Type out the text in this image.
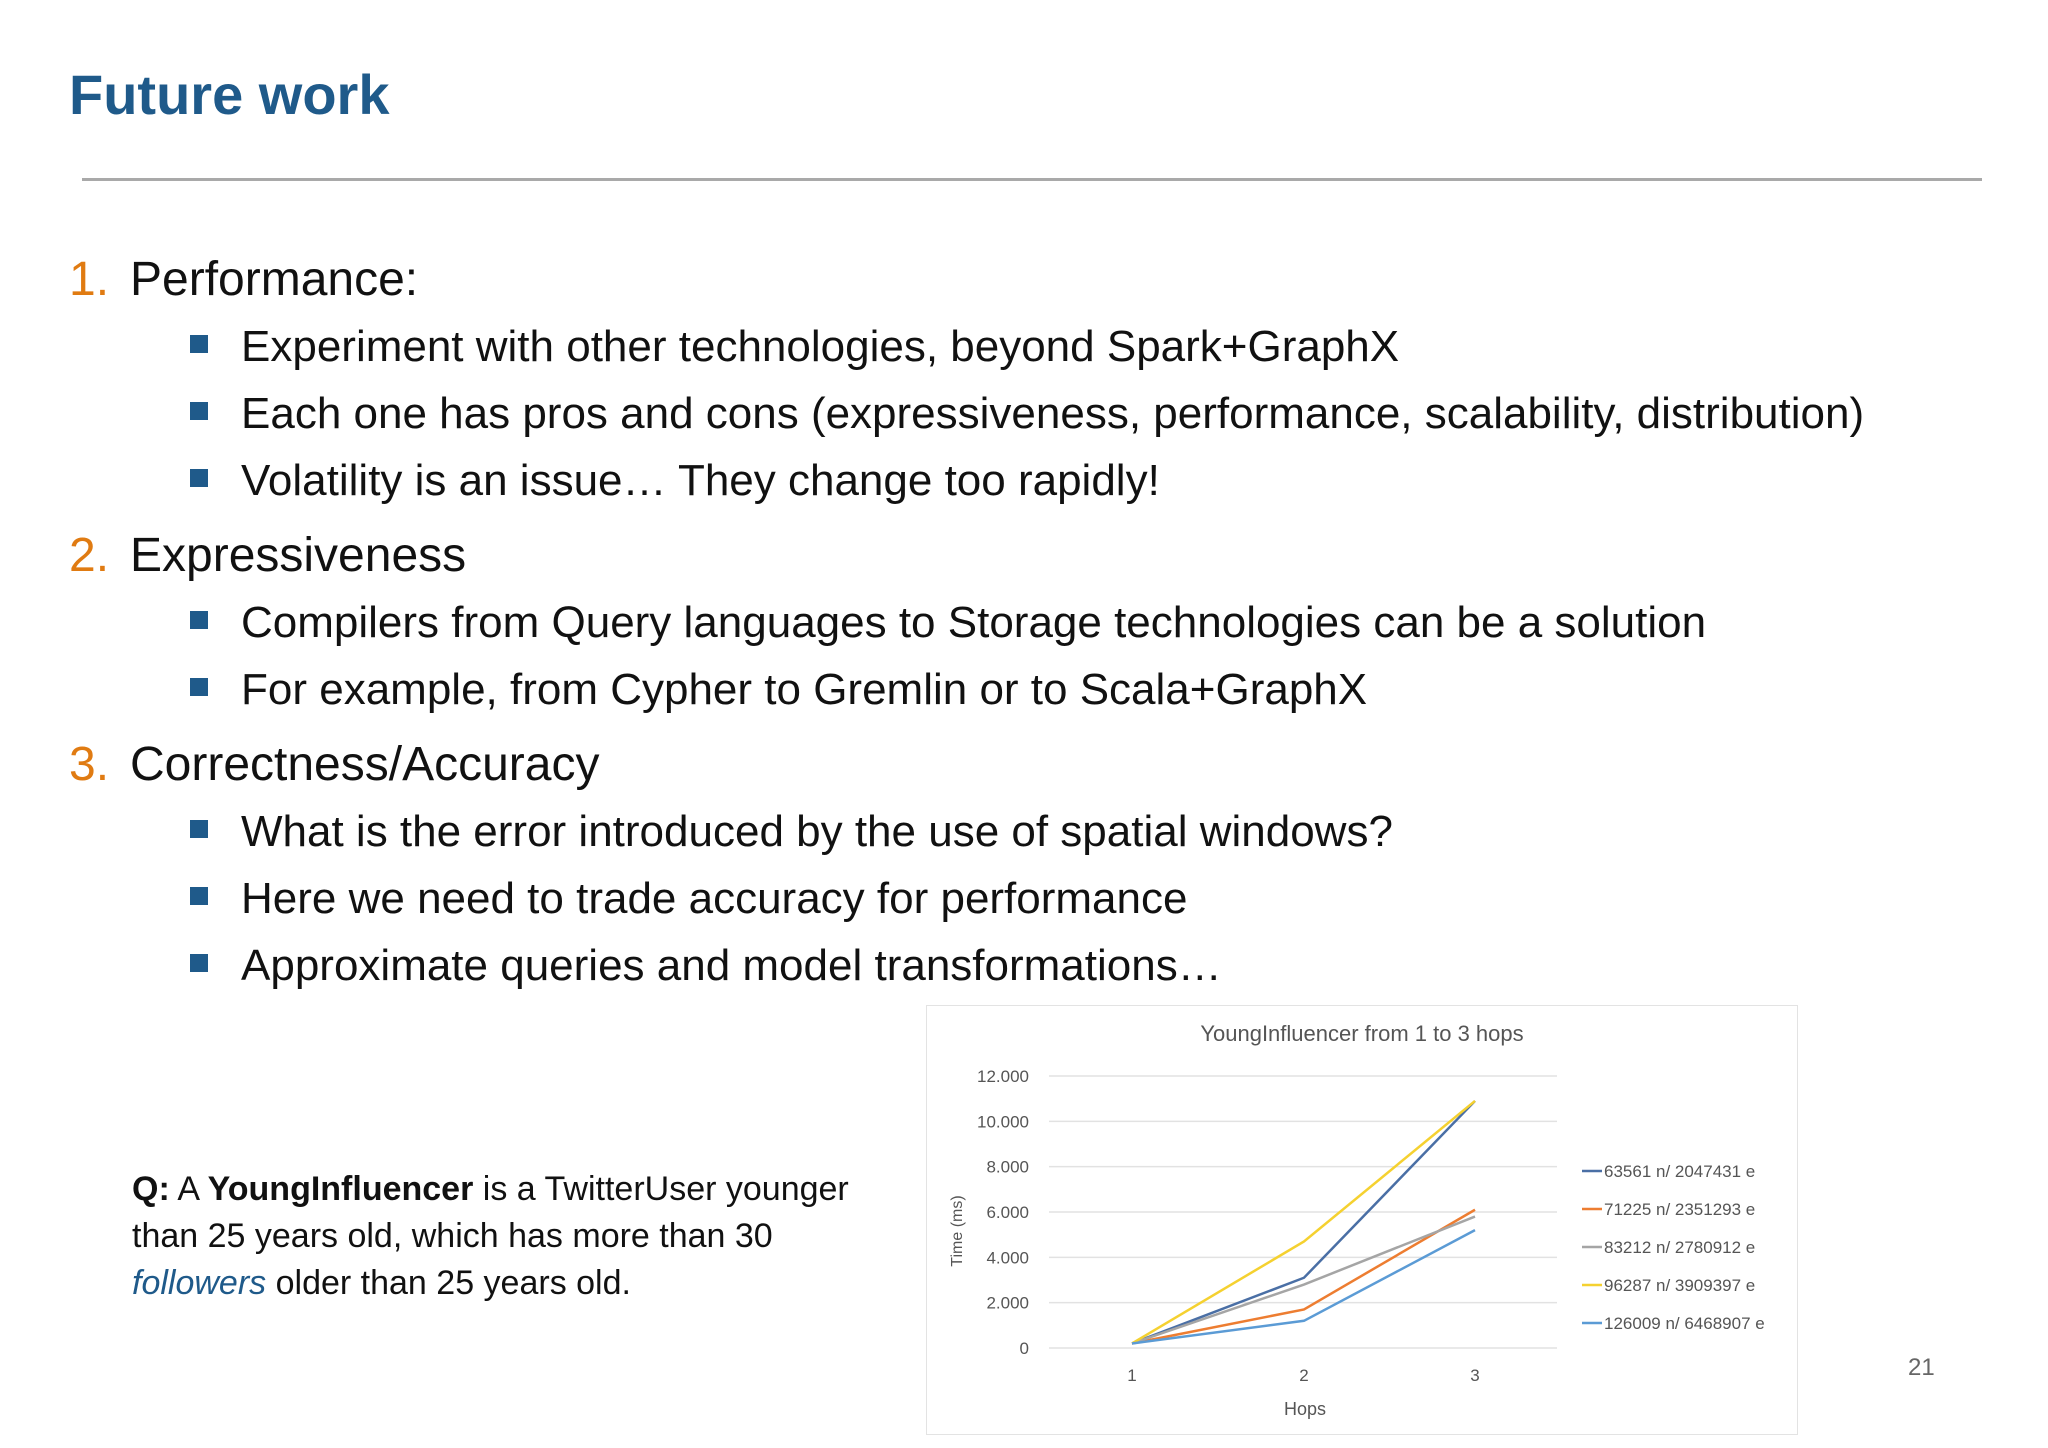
Future work
1. Performance:
Experiment with other technologies, beyond Spark+GraphX
Each one has pros and cons (expressiveness, performance, scalability, distribution)
Volatility is an issue… They change too rapidly!
2. Expressiveness
Compilers from Query languages to Storage technologies can be a solution
For example, from Cypher to Gremlin or to Scala+GraphX
3. Correctness/Accuracy
What is the error introduced by the use of spatial windows?
Here we need to trade accuracy for performance
Approximate queries and model transformations…
Q: A YoungInfluencer is a TwitterUser younger than 25 years old, which has more than 30 followers older than 25 years old.
YoungInfluencer from 1 to 3 hops
Time (ms)
Hops
0
2.000
4.000
6.000
8.000
10.000
12.000
1	2	3
63561 n/ 2047431 e
71225 n/ 2351293 e
83212 n/ 2780912 e
96287 n/ 3909397 e
126009 n/ 6468907 e
21
